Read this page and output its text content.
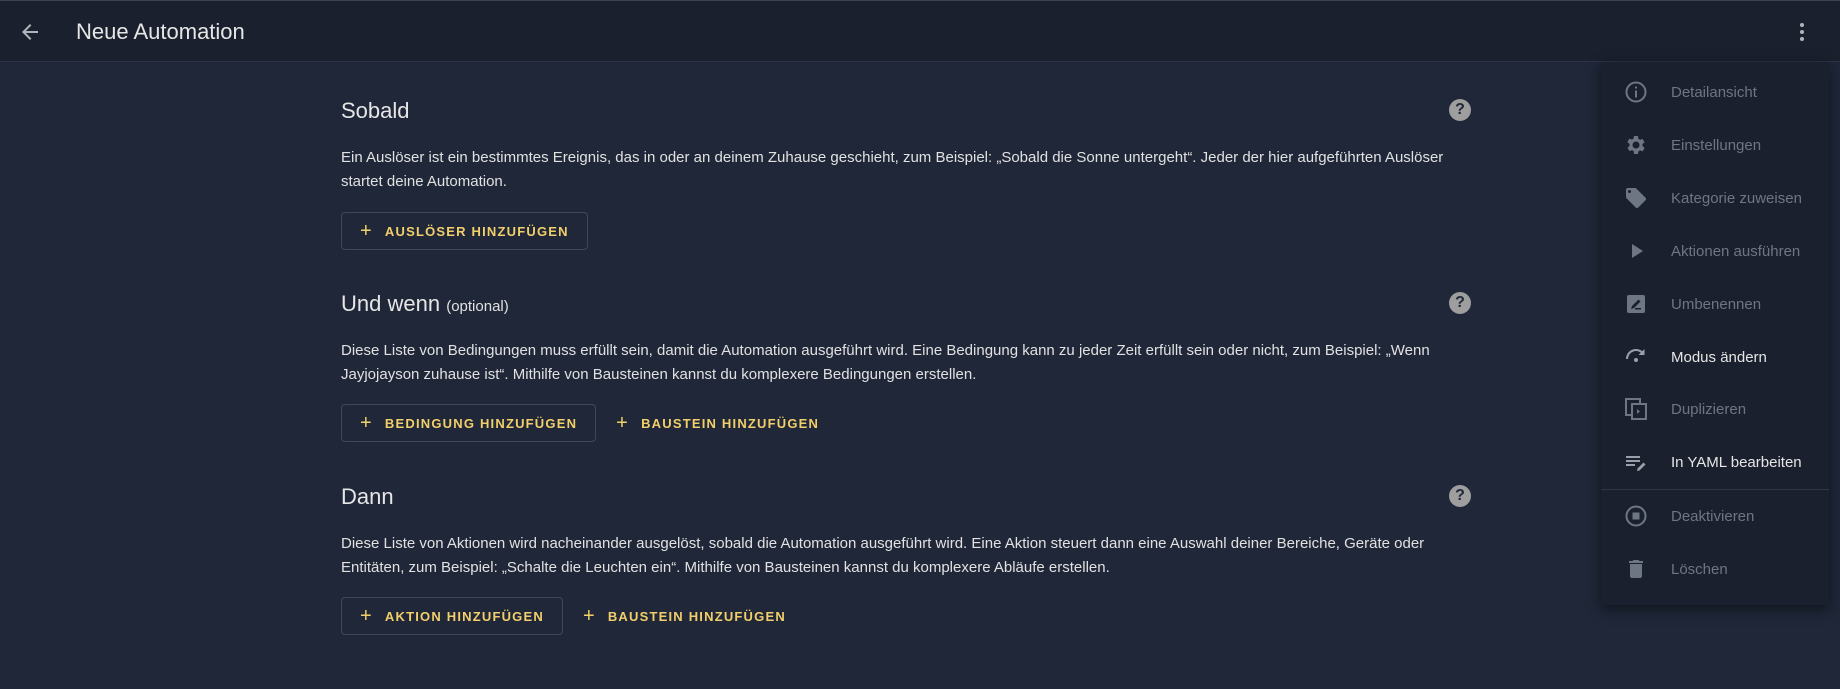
Neue Automation
Sobald	?
Ein Auslöser ist ein bestimmtes Ereignis, das in oder an deinem Zuhause geschieht, zum Beispiel: „Sobald die Sonne untergeht“. Jeder der hier aufgeführten Auslöser startet deine Automation.
+ AUSLÖSER HINZUFÜGEN
Und wenn (optional)	?
Diese Liste von Bedingungen muss erfüllt sein, damit die Automation ausgeführt wird. Eine Bedingung kann zu jeder Zeit erfüllt sein oder nicht, zum Beispiel: „Wenn Jayjojayson zuhause ist“. Mithilfe von Bausteinen kannst du komplexere Bedingungen erstellen.
+ BEDINGUNG HINZUFÜGEN + BAUSTEIN HINZUFÜGEN
Dann	?
Diese Liste von Aktionen wird nacheinander ausgelöst, sobald die Automation ausgeführt wird. Eine Aktion steuert dann eine Auswahl deiner Bereiche, Geräte oder Entitäten, zum Beispiel: „Schalte die Leuchten ein“. Mithilfe von Bausteinen kannst du komplexere Abläufe erstellen.
+ AKTION HINZUFÜGEN + BAUSTEIN HINZUFÜGEN
Detailansicht
Einstellungen
Kategorie zuweisen
Aktionen ausführen
Umbenennen
Modus ändern
Duplizieren
In YAML bearbeiten
Deaktivieren
Löschen
